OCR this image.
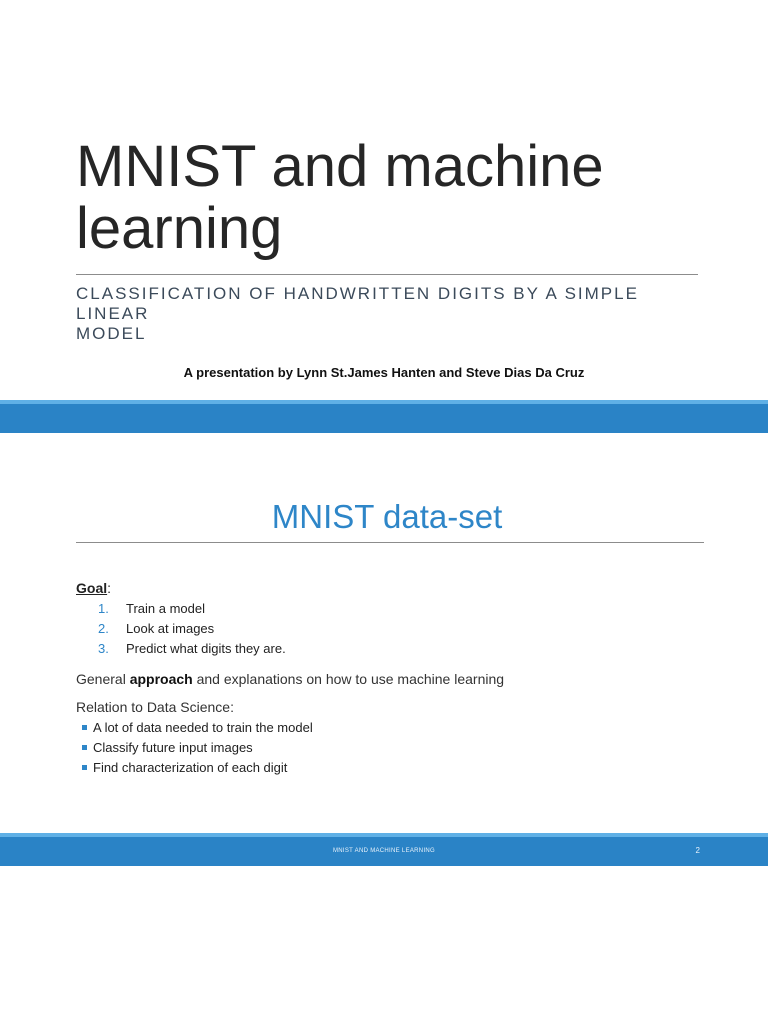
MNIST and machine
learning
CLASSIFICATION OF HANDWRITTEN DIGITS BY A SIMPLE LINEAR
MODEL
A presentation by Lynn St.James Hanten and Steve Dias Da Cruz
MNIST data-set
Goal:
1. Train a model
2. Look at images
3. Predict what digits they are.
General approach and explanations on how to use machine learning
Relation to Data Science:
A lot of data needed to train the model
Classify future input images
Find characterization of each digit
MNIST AND MACHINE LEARNING	2
